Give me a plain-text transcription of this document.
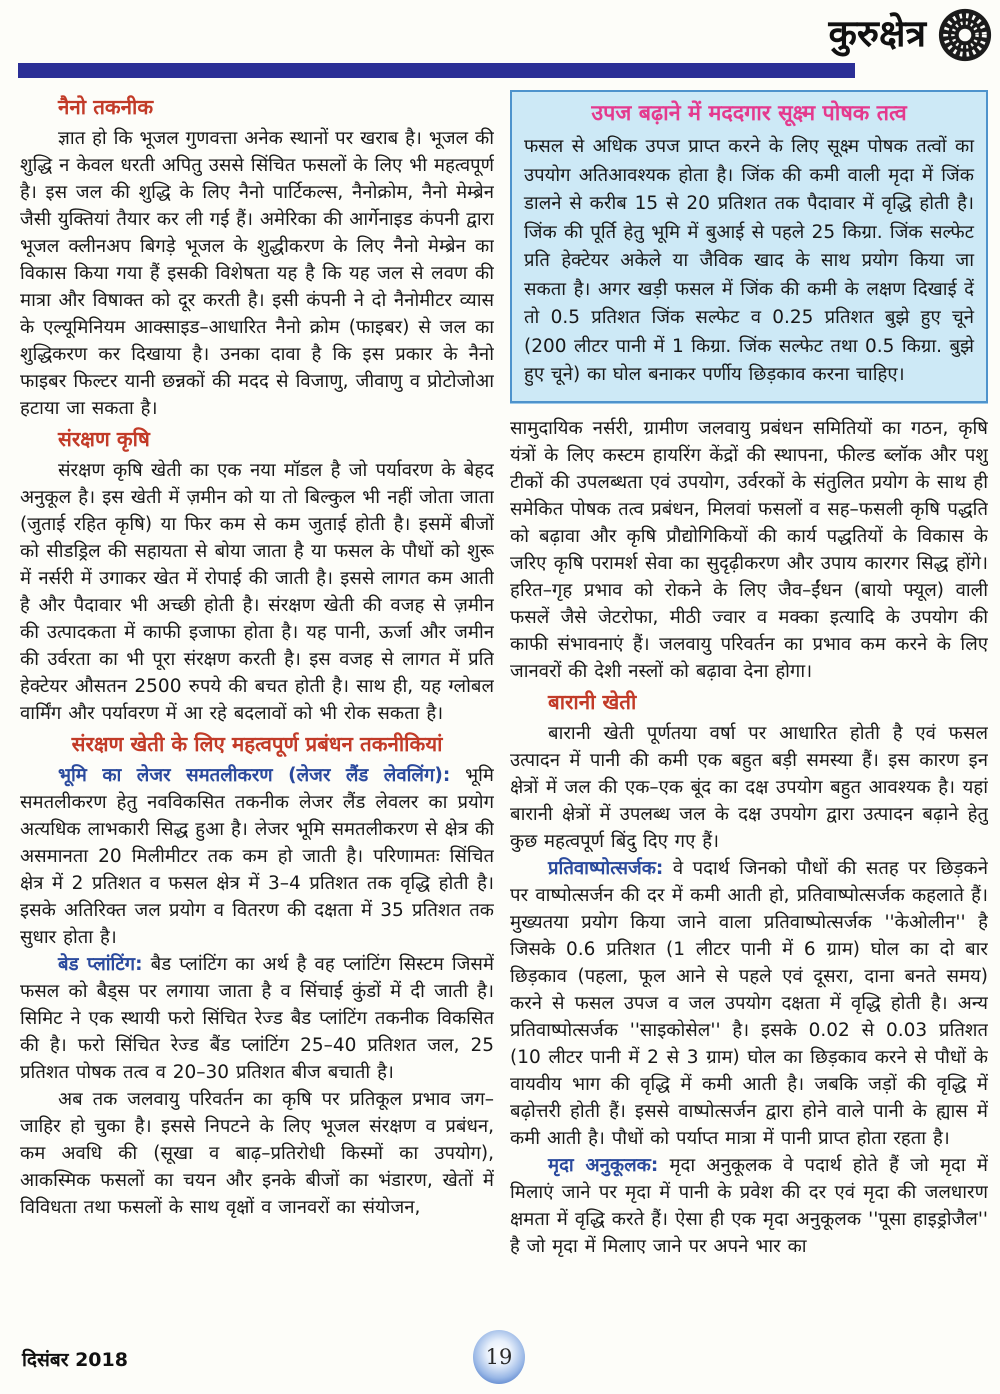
कुरुक्षेत्र
नैनो तकनीक

ज्ञात हो कि भूजल गुणवत्ता अनेक स्थानों पर खराब है। भूजल की शुद्धि न केवल धरती अपितु उससे सिंचित फसलों के लिए भी महत्वपूर्ण है। इस जल की शुद्धि के लिए नैनो पार्टिकल्स, नैनोक्रोम, नैनो मेम्ब्रेन जैसी युक्तियां तैयार कर ली गई हैं। अमेरिका की आर्गेनाइड कंपनी द्वारा भूजल क्लीनअप बिगड़े भूजल के शुद्धीकरण के लिए नैनो मेम्ब्रेन का विकास किया गया हैं इसकी विशेषता यह है कि यह जल से लवण की मात्रा और विषाक्त को दूर करती है। इसी कंपनी ने दो नैनोमीटर व्यास के एल्यूमिनियम आक्साइड–आधारित नैनो क्रोम (फाइबर) से जल का शुद्धिकरण कर दिखाया है। उनका दावा है कि इस प्रकार के नैनो फाइबर फिल्टर यानी छन्नकों की मदद से विजाणु, जीवाणु व प्रोटोजोआ हटाया जा सकता है।

संरक्षण कृषि

संरक्षण कृषि खेती का एक नया मॉडल है जो पर्यावरण के बेहद अनुकूल है। इस खेती में ज़मीन को या तो बिल्कुल भी नहीं जोता जाता (जुताई रहित कृषि) या फिर कम से कम जुताई होती है। इसमें बीजों को सीडड्रिल की सहायता से बोया जाता है या फसल के पौधों को शुरू में नर्सरी में उगाकर खेत में रोपाई की जाती है। इससे लागत कम आती है और पैदावार भी अच्छी होती है। संरक्षण खेती की वजह से ज़मीन की उत्पादकता में काफी इजाफा होता है। यह पानी, ऊर्जा और जमीन की उर्वरता का भी पूरा संरक्षण करती है। इस वजह से लागत में प्रति हेक्टेयर औसतन 2500 रुपये की बचत होती है। साथ ही, यह ग्लोबल वार्मिंग और पर्यावरण में आ रहे बदलावों को भी रोक सकता है।

संरक्षण खेती के लिए महत्वपूर्ण प्रबंधन तकनीकियां

भूमि का लेजर समतलीकरण (लेजर लैंड लेवलिंग): भूमि समतलीकरण हेतु नवविकसित तकनीक लेजर लैंड लेवलर का प्रयोग अत्यधिक लाभकारी सिद्ध हुआ है। लेजर भूमि समतलीकरण से क्षेत्र की असमानता 20 मिलीमीटर तक कम हो जाती है। परिणामतः सिंचित क्षेत्र में 2 प्रतिशत व फसल क्षेत्र में 3–4 प्रतिशत तक वृद्धि होती है। इसके अतिरिक्त जल प्रयोग व वितरण की दक्षता में 35 प्रतिशत तक सुधार होता है।

बेड प्लांटिंग: बैड प्लांटिंग का अर्थ है वह प्लांटिंग सिस्टम जिसमें फसल को बैड्स पर लगाया जाता है व सिंचाई कुंडों में दी जाती है। सिमिट ने एक स्थायी फरो सिंचित रेज्ड बैड प्लांटिंग तकनीक विकसित की है। फरो सिंचित रेज्ड बैंड प्लांटिंग 25–40 प्रतिशत जल, 25 प्रतिशत पोषक तत्व व 20–30 प्रतिशत बीज बचाती है।

अब तक जलवायु परिवर्तन का कृषि पर प्रतिकूल प्रभाव जग–जाहिर हो चुका है। इससे निपटने के लिए भूजल संरक्षण व प्रबंधन, कम अवधि की (सूखा व बाढ़–प्रतिरोधी किस्मों का उपयोग), आकस्मिक फसलों का चयन और इनके बीजों का भंडारण, खेतों में विविधता तथा फसलों के साथ वृक्षों व जानवरों का संयोजन,

उपज बढ़ाने में मददगार सूक्ष्म पोषक तत्व

फसल से अधिक उपज प्राप्त करने के लिए सूक्ष्म पोषक तत्वों का उपयोग अतिआवश्यक होता है। जिंक की कमी वाली मृदा में जिंक डालने से करीब 15 से 20 प्रतिशत तक पैदावार में वृद्धि होती है। जिंक की पूर्ति हेतु भूमि में बुआई से पहले 25 किग्रा. जिंक सल्फेट प्रति हेक्टेयर अकेले या जैविक खाद के साथ प्रयोग किया जा सकता है। अगर खड़ी फसल में जिंक की कमी के लक्षण दिखाई दें तो 0.5 प्रतिशत जिंक सल्फेट व 0.25 प्रतिशत बुझे हुए चूने (200 लीटर पानी में 1 किग्रा. जिंक सल्फेट तथा 0.5 किग्रा. बुझे हुए चूने) का घोल बनाकर पर्णीय छिड़काव करना चाहिए।

सामुदायिक नर्सरी, ग्रामीण जलवायु प्रबंधन समितियों का गठन, कृषि यंत्रों के लिए कस्टम हायरिंग केंद्रों की स्थापना, फील्ड ब्लॉक और पशु टीकों की उपलब्धता एवं उपयोग, उर्वरकों के संतुलित प्रयोग के साथ ही समेकित पोषक तत्व प्रबंधन, मिलवां फसलों व सह–फसली कृषि पद्धति को बढ़ावा और कृषि प्रौद्योगिकियों की कार्य पद्धतियों के विकास के जरिए कृषि परामर्श सेवा का सुदृढ़ीकरण और उपाय कारगर सिद्ध होंगे। हरित–गृह प्रभाव को रोकने के लिए जैव–ईंधन (बायो फ्यूल) वाली फसलें जैसे जेटरोफा, मीठी ज्वार व मक्का इत्यादि के उपयोग की काफी संभावनाएं हैं। जलवायु परिवर्तन का प्रभाव कम करने के लिए जानवरों की देशी नस्लों को बढ़ावा देना होगा।

बारानी खेती

बारानी खेती पूर्णतया वर्षा पर आधारित होती है एवं फसल उत्पादन में पानी की कमी एक बहुत बड़ी समस्या हैं। इस कारण इन क्षेत्रों में जल की एक–एक बूंद का दक्ष उपयोग बहुत आवश्यक है। यहां बारानी क्षेत्रों में उपलब्ध जल के दक्ष उपयोग द्वारा उत्पादन बढ़ाने हेतु कुछ महत्वपूर्ण बिंदु दिए गए हैं।

प्रतिवाष्पोत्सर्जक: वे पदार्थ जिनको पौधों की सतह पर छिड़कने पर वाष्पोत्सर्जन की दर में कमी आती हो, प्रतिवाष्पोत्सर्जक कहलाते हैं। मुख्यतया प्रयोग किया जाने वाला प्रतिवाष्पोत्सर्जक ''केओलीन'' है जिसके 0.6 प्रतिशत (1 लीटर पानी में 6 ग्राम) घोल का दो बार छिड़काव (पहला, फूल आने से पहले एवं दूसरा, दाना बनते समय) करने से फसल उपज व जल उपयोग दक्षता में वृद्धि होती है। अन्य प्रतिवाष्पोत्सर्जक ''साइकोसेल'' है। इसके 0.02 से 0.03 प्रतिशत (10 लीटर पानी में 2 से 3 ग्राम) घोल का छिड़काव करने से पौधों के वायवीय भाग की वृद्धि में कमी आती है। जबकि जड़ों की वृद्धि में बढ़ोत्तरी होती हैं। इससे वाष्पोत्सर्जन द्वारा होने वाले पानी के ह्यास में कमी आती है। पौधों को पर्याप्त मात्रा में पानी प्राप्त होता रहता है।

मृदा अनुकूलक: मृदा अनुकूलक वे पदार्थ होते हैं जो मृदा में मिलाएं जाने पर मृदा में पानी के प्रवेश की दर एवं मृदा की जलधारण क्षमता में वृद्धि करते हैं। ऐसा ही एक मृदा अनुकूलक ''पूसा हाइड्रोजैल'' है जो मृदा में मिलाए जाने पर अपने भार का

दिसंबर 2018	19
